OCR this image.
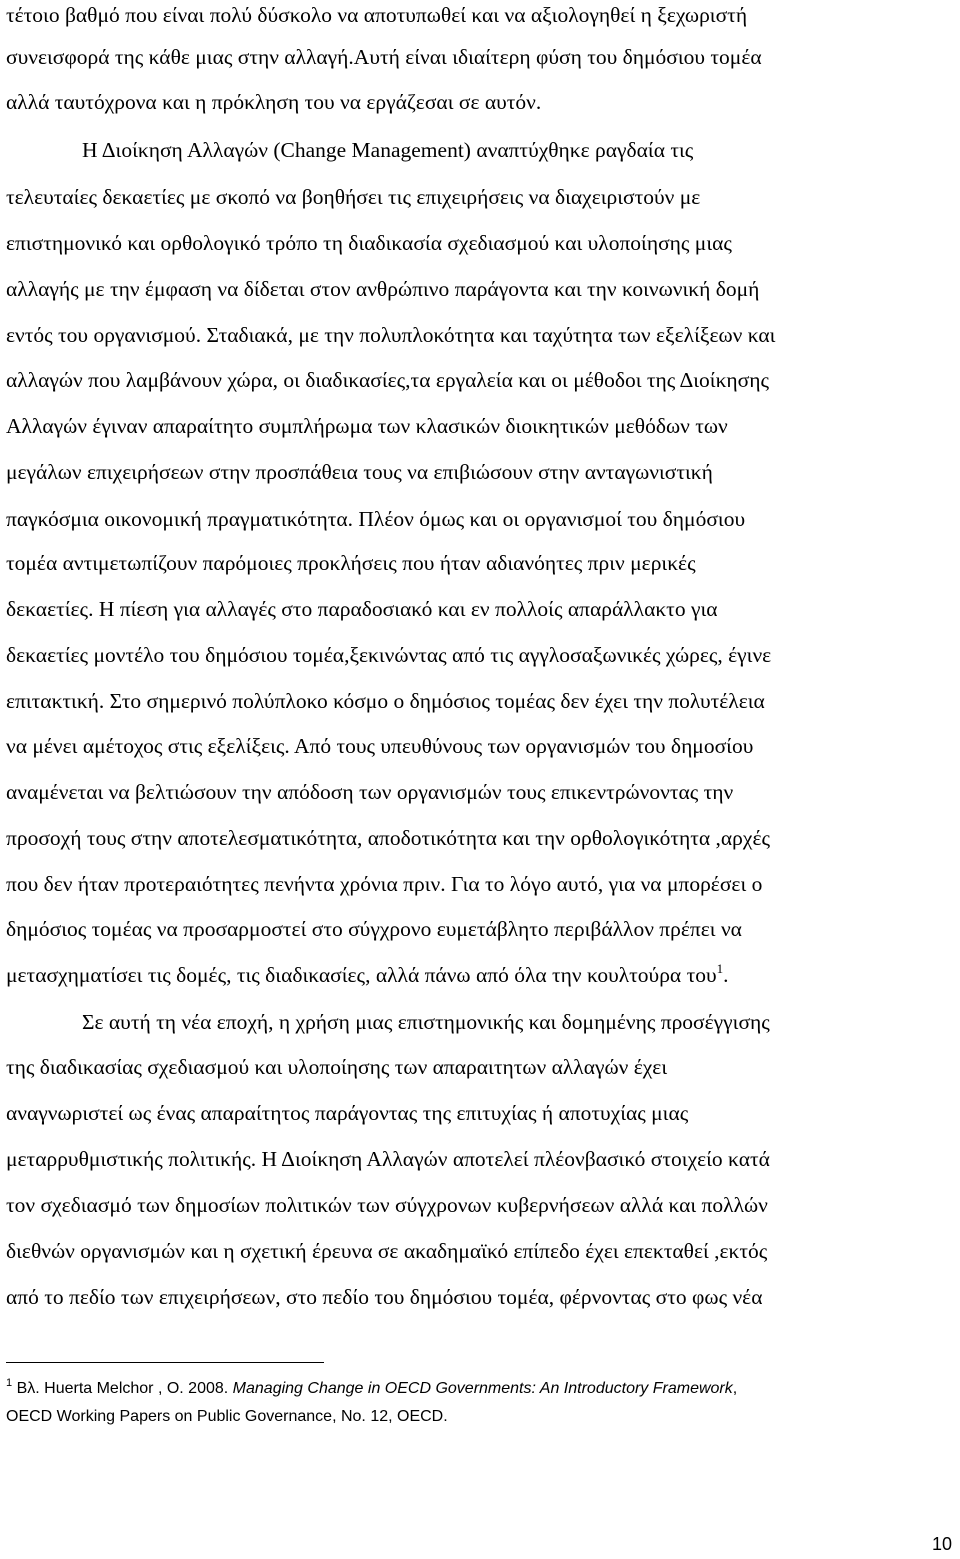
τέτοιο βαθμό που είναι πολύ δύσκολο να αποτυπωθεί και να αξιολογηθεί η ξεχωριστή
συνεισφορά της κάθε μιας στην αλλαγή.Αυτή είναι ιδιαίτερη φύση του δημόσιου τομέα
αλλά ταυτόχρονα και η πρόκληση του να εργάζεσαι σε αυτόν.
Η Διοίκηση Αλλαγών (Change Management) αναπτύχθηκε ραγδαία τις
τελευταίες δεκαετίες με σκοπό να βοηθήσει τις επιχειρήσεις να διαχειριστούν με
επιστημονικό και ορθολογικό τρόπο τη διαδικασία σχεδιασμού και υλοποίησης μιας
αλλαγής με την έμφαση να δίδεται στον ανθρώπινο παράγοντα και την κοινωνική δομή
εντός του οργανισμού. Σταδιακά, με την πολυπλοκότητα και ταχύτητα των εξελίξεων και
αλλαγών που λαμβάνουν χώρα, οι διαδικασίες,τα εργαλεία και οι μέθοδοι της Διοίκησης
Αλλαγών έγιναν απαραίτητο συμπλήρωμα των κλασικών διοικητικών μεθόδων των
μεγάλων επιχειρήσεων στην προσπάθεια τους να επιβιώσουν στην ανταγωνιστική
παγκόσμια οικονομική πραγματικότητα. Πλέον όμως και οι οργανισμοί του δημόσιου
τομέα αντιμετωπίζουν παρόμοιες προκλήσεις που ήταν αδιανόητες πριν μερικές
δεκαετίες. Η πίεση για αλλαγές στο παραδοσιακό και εν πολλοίς απαράλλακτο για
δεκαετίες μοντέλο του δημόσιου τομέα,ξεκινώντας από τις αγγλοσαξωνικές χώρες, έγινε
επιτακτική. Στο σημερινό πολύπλοκο κόσμο ο δημόσιος τομέας δεν έχει την πολυτέλεια
να μένει αμέτοχος στις εξελίξεις. Από τους υπευθύνους των οργανισμών του δημοσίου
αναμένεται να βελτιώσουν την απόδοση των οργανισμών τους επικεντρώνοντας την
προσοχή τους στην αποτελεσματικότητα, αποδοτικότητα και την ορθολογικότητα ,αρχές
που δεν ήταν προτεραιότητες πενήντα χρόνια πριν. Για το λόγο αυτό, για να μπορέσει ο
δημόσιος τομέας να προσαρμοστεί στο σύγχρονο ευμετάβλητο περιβάλλον πρέπει να
μετασχηματίσει τις δομές, τις διαδικασίες, αλλά πάνω από όλα την κουλτούρα του$^1$.
Σε αυτή τη νέα εποχή, η χρήση μιας επιστημονικής και δομημένης προσέγγισης
της διαδικασίας σχεδιασμού και υλοποίησης των απαραιτητων αλλαγών έχει
αναγνωριστεί ως ένας απαραίτητος παράγοντας της επιτυχίας ή αποτυχίας μιας
μεταρρυθμιστικής πολιτικής. Η Διοίκηση Αλλαγών αποτελεί πλέονβασικό στοιχείο κατά
τον σχεδιασμό των δημοσίων πολιτικών των σύγχρονων κυβερνήσεων αλλά και πολλών
διεθνών οργανισμών και η σχετική έρευνα σε ακαδημαϊκό επίπεδο έχει επεκταθεί ,εκτός
από το πεδίο των επιχειρήσεων, στο πεδίο του δημόσιου τομέα, φέρνοντας στο φως νέα
$^1$ Βλ. Huerta Melchor , O. 2008. Managing Change in OECD Governments: An Introductory Framework,
OECD Working Papers on Public Governance, No. 12, OECD.
10
